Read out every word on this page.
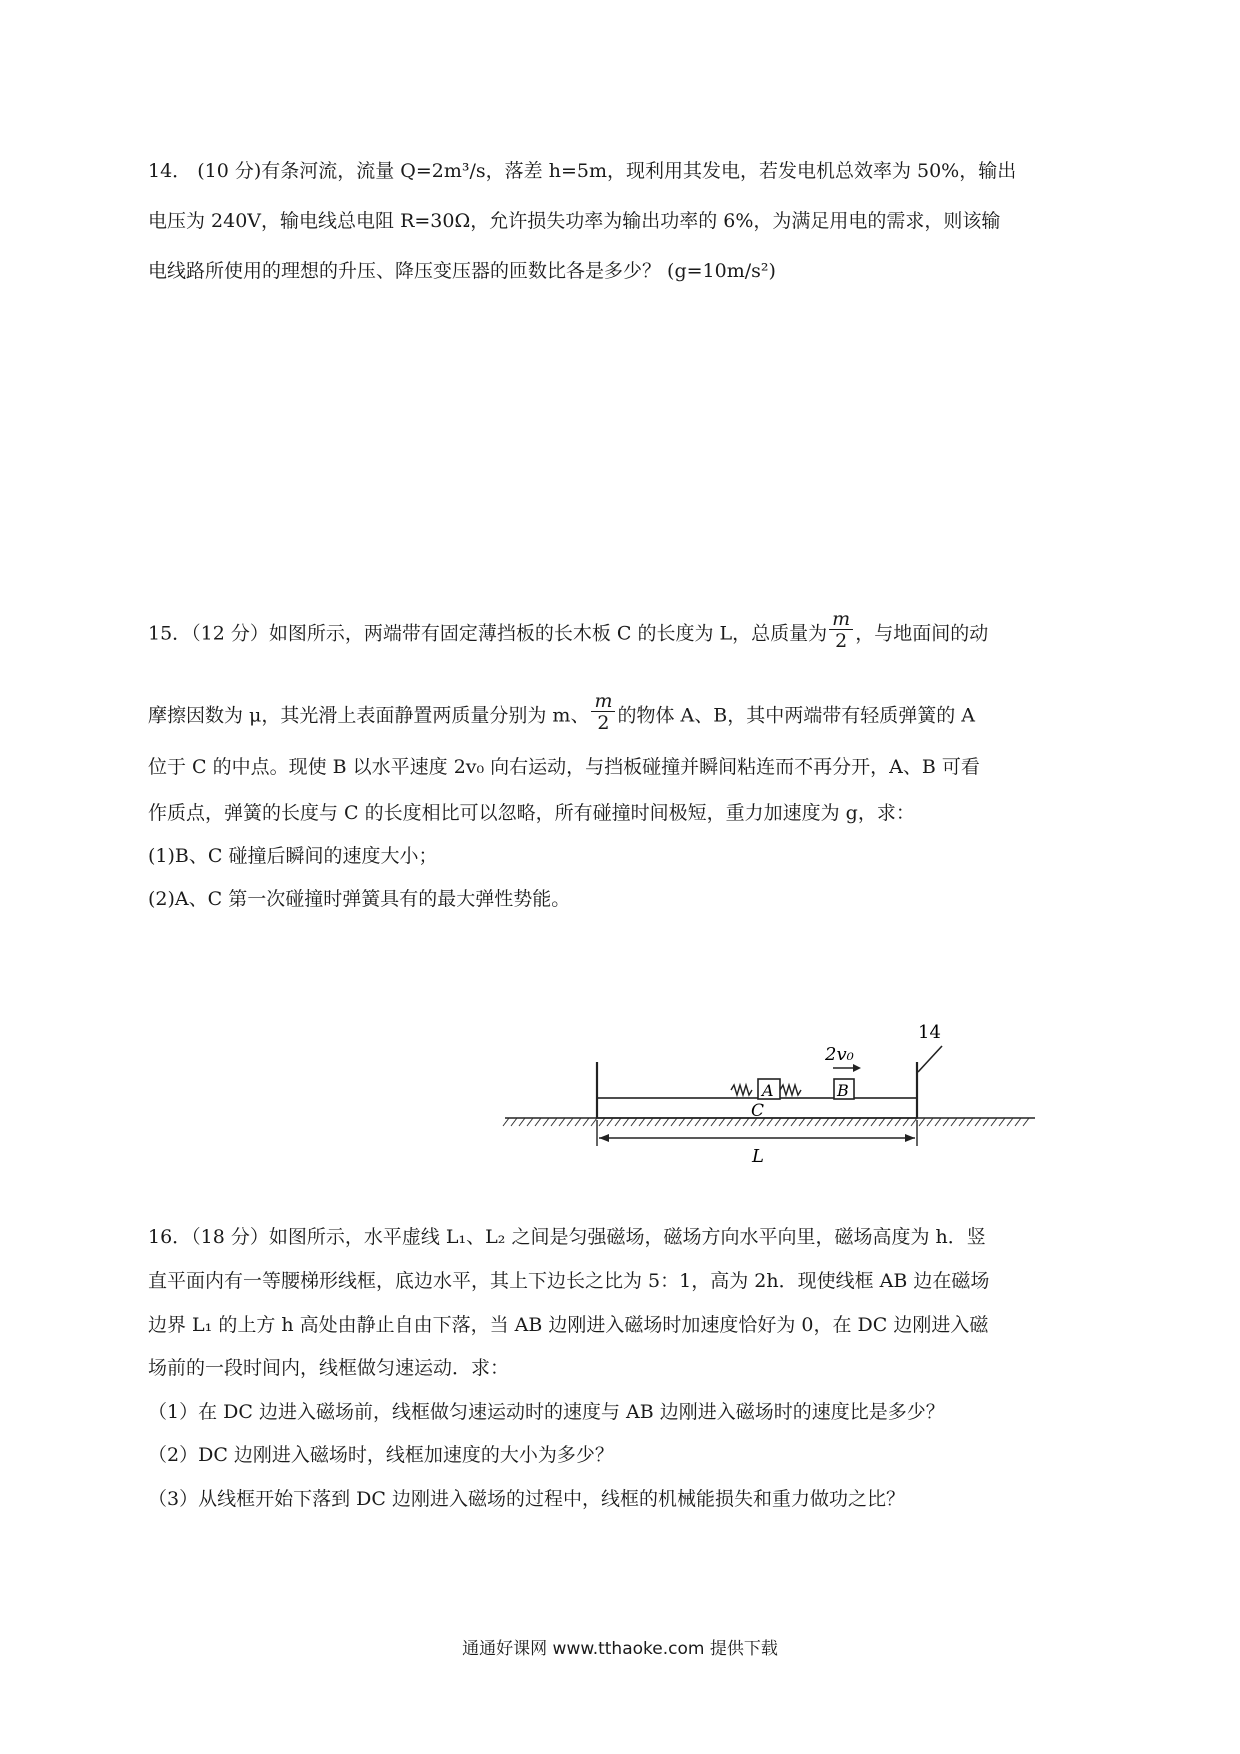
14． (10 分)有条河流，流量 Q=2m³/s，落差 h=5m，现利用其发电，若发电机总效率为 50%，输出
电压为 240V，输电线总电阻 R=30Ω，允许损失功率为输出功率的 6%，为满足用电的需求，则该输
电线路所使用的理想的升压、降压变压器的匝数比各是多少？ (g=10m/s²)
15．（12 分）如图所示，两端带有固定薄挡板的长木板 C 的长度为 L，总质量为 $\frac{m}{2}$ ，与地面间的动
摩擦因数为 μ，其光滑上表面静置两质量分别为 m、 $\frac{m}{2}$ 的物体 A、B，其中两端带有轻质弹簧的 A
位于 C 的中点。现使 B 以水平速度 2v₀ 向右运动，与挡板碰撞并瞬间粘连而不再分开，A、B 可看
作质点，弹簧的长度与 C 的长度相比可以忽略，所有碰撞时间极短，重力加速度为 g，求：
(1)B、C 碰撞后瞬间的速度大小；
(2)A、C 第一次碰撞时弹簧具有的最大弹性势能。
14
A	B
2v₀
C
L
16．（18 分）如图所示，水平虚线 L₁、L₂ 之间是匀强磁场，磁场方向水平向里，磁场高度为 h．竖
直平面内有一等腰梯形线框，底边水平，其上下边长之比为 5：1，高为 2h．现使线框 AB 边在磁场
边界 L₁ 的上方 h 高处由静止自由下落，当 AB 边刚进入磁场时加速度恰好为 0，在 DC 边刚进入磁
场前的一段时间内，线框做匀速运动．求：
（1）在 DC 边进入磁场前，线框做匀速运动时的速度与 AB 边刚进入磁场时的速度比是多少？
（2）DC 边刚进入磁场时，线框加速度的大小为多少？
（3）从线框开始下落到 DC 边刚进入磁场的过程中，线框的机械能损失和重力做功之比？
通通好课网 www.tthaoke.com 提供下载
